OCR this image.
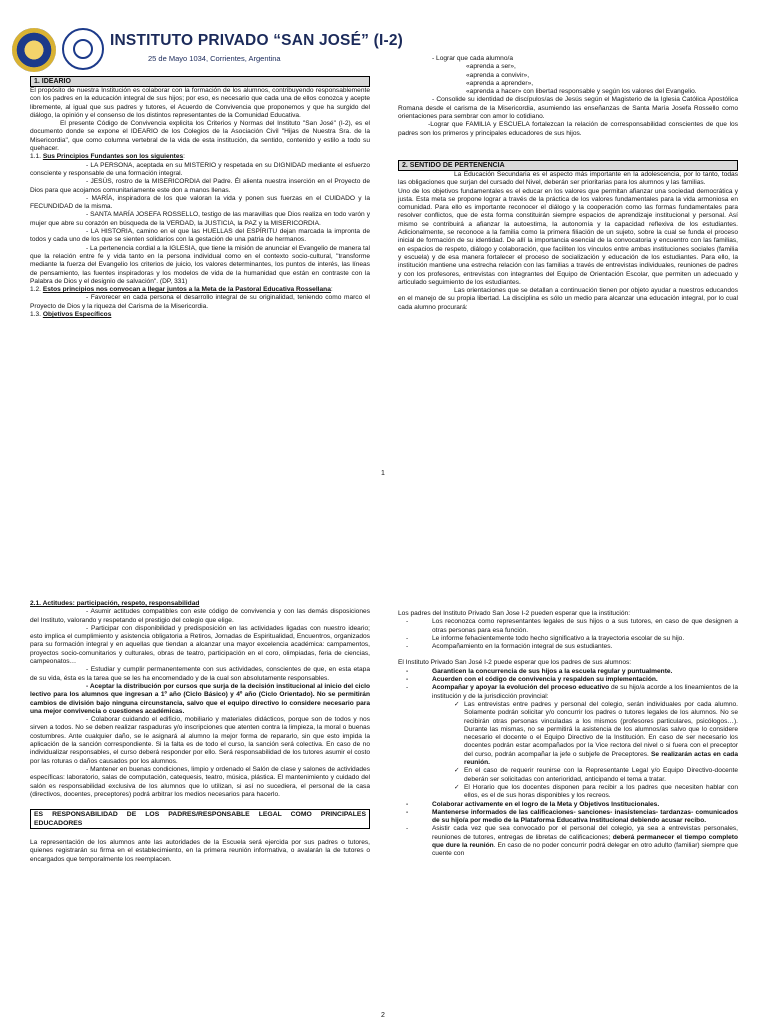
INSTITUTO PRIVADO “SAN JOSÉ” (I-2)
25 de Mayo 1034, Corrientes, Argentina
1. IDEARIO

El propósito de nuestra Institución es colaborar con la formación de los alumnos, contribuyendo responsablemente con los padres en la educación integral de sus hijos; por eso, es necesario que cada una de ellos conozca y acepte libremente, al igual que sus padres y tutores, el Acuerdo de Convivencia que proponemos y que ha surgido del diálogo, la opinión y el consenso de los distintos representantes de la Comunidad Educativa.

El presente Código de Convivencia explicita los Criterios y Normas del Instituto "San José" (I-2), es el documento donde se expone el IDEARIO de los Colegios de la Asociación Civil "Hijas de Nuestra Sra. de la Misericordia", que como columna vertebral de la vida de esta institución, da sentido, contenido y estilo a todo su quehacer.

1.1. Sus Principios Fundantes son los siguientes:

- LA PERSONA, aceptada en su MISTERIO y respetada en su DIGNIDAD mediante el esfuerzo consciente y responsable de una formación integral.

- JESÚS, rostro de la MISERICORDIA del Padre. Él alienta nuestra inserción en el Proyecto de Dios para que acojamos comunitariamente este don a manos llenas.

- MARÍA, inspiradora de los que valoran la vida y ponen sus fuerzas en el CUIDADO y la FECUNDIDAD de la misma.

- SANTA MARÍA JOSEFA ROSSELLO, testigo de las maravillas que Dios realiza en todo varón y mujer que abre su corazón en búsqueda de la VERDAD, la JUSTICIA, la PAZ y la MISERICORDIA.

- LA HISTORIA, camino en el que las HUELLAS del ESPÍRITU dejan marcada la impronta de todos y cada uno de los que se sienten solidarios con la gestación de una patria de hermanos.

- La pertenencia cordial a la IGLESIA, que tiene la misión de anunciar el Evangelio de manera tal que la relación entre fe y vida tanto en la persona individual como en el contexto socio-cultural, "transforme mediante la fuerza del Evangelio los criterios de juicio, los valores determinantes, los puntos de interés, las líneas de pensamiento, las fuentes inspiradoras y los modelos de vida de la humanidad que están en contraste con la Palabra de Dios y el designio de salvación". (DP, 331)

1.2. Estos principios nos convocan a llegar juntos a la Meta de la Pastoral Educativa Rossellana:

- Favorecer en cada persona el desarrollo integral de su originalidad, teniendo como marco el Proyecto de Dios y la riqueza del Carisma de la Misericordia.

1.3. Objetivos Específicos

- Lograr que cada alumno/a

«aprenda a ser»,

«aprenda a convivir»,

«aprenda a aprender»,

«aprenda a hacer» con libertad responsable y según los valores del Evangelio.

- Consolide su identidad de discípulos/as de Jesús según el Magisterio de la Iglesia Católica Apostólica Romana desde el carisma de la Misericordia, asumiendo las enseñanzas de Santa María Josefa Rossello como orientaciones para sembrar con amor lo cotidiano.

-Lograr que FAMILIA y ESCUELA fortalezcan la relación de corresponsabilidad conscientes de que los padres son los primeros y principales educadores de sus hijos.

2. SENTIDO DE PERTENENCIA

La Educación Secundaria es el aspecto más importante en la adolescencia, por lo tanto, todas las obligaciones que surjan del cursado del Nivel, deberán ser prioritarias para los alumnos y las familias.

Uno de los objetivos fundamentales es el educar en los valores que permitan afianzar una sociedad democrática y justa. Esta meta se propone lograr a través de la práctica de los valores fundamentales para la vida armoniosa en comunidad. Para ello es importante reconocer el diálogo y la cooperación como las formas fundamentales para resolver conflictos, que de esta forma constituirán siempre espacios de aprendizaje institucional y personal. Así mismo se contribuirá a afianzar la autoestima, la autonomía y la capacidad reflexiva de los estudiantes. Adicionalmente, se reconoce a la familia como la primera filiación de un sujeto, sobre la cual se funda el proceso inicial de formación de su identidad. De allí la importancia esencial de la convocatoria y encuentro con las familias, en espacios de respeto, diálogo y colaboración, que faciliten los vínculos entre ambas instituciones sociales (familia y escuela) y de esa manera fortalecer el proceso de socialización y educación de los estudiantes. Para ello, la institución mantiene una estrecha relación con las familias a través de entrevistas individuales, reuniones de padres y con los profesores, entrevistas con integrantes del Equipo de Orientación Escolar, que permiten un adecuado y articulado seguimiento de los estudiantes.

Las orientaciones que se detallan a continuación tienen por objeto ayudar a nuestros educandos en el manejo de su propia libertad. La disciplina es sólo un medio para alcanzar una educación integral, por lo cual cada alumno procurará:

1

2.1. Actitudes: participación, respeto, responsabilidad

- Asumir actitudes compatibles con este código de convivencia y con las demás disposiciones del Instituto, valorando y respetando el prestigio del colegio que elige.

- Participar con disponibilidad y predisposición en las actividades ligadas con nuestro ideario; esto implica el cumplimiento y asistencia obligatoria a Retiros, Jornadas de Espiritualidad, Encuentros, organizados para su formación integral y en aquellas que tiendan a alcanzar una mayor excelencia académica: campamentos, proyectos socio-comunitarios y culturales, obras de teatro, participación en el coro, olimpiadas, feria de ciencias, campeonatos…

- Estudiar y cumplir permanentemente con sus actividades, conscientes de que, en esta etapa de su vida, ésta es la tarea que se les ha encomendado y de la cual son absolutamente responsables.

- Aceptar la distribución por cursos que surja de la decisión institucional al inicio del ciclo lectivo para los alumnos que ingresan a 1º año (Ciclo Básico) y 4º año (Ciclo Orientado). No se permitirán cambios de división bajo ninguna circunstancia, salvo que el equipo directivo lo considere necesario para una mejor convivencia o cuestiones académicas.

- Colaborar cuidando el edificio, mobiliario y materiales didácticos, porque son de todos y nos sirven a todos. No se deben realizar raspaduras y/o inscripciones que atenten contra la limpieza, la moral o buenas costumbres. Ante cualquier daño, se le asignará al alumno la mejor forma de repararlo, sin que esto impida la aplicación de la sanción correspondiente. Si la falta es de todo el curso, la sanción será colectiva. En caso de no individualizar responsables, el curso deberá responder por ello. Será responsabilidad de los tutores asumir el costo por las roturas o daños causados por los alumnos.

- Mantener en buenas condiciones, limpio y ordenado el Salón de clase y salones de actividades específicas: laboratorio, salas de computación, catequesis, teatro, música, plástica. El mantenimiento y cuidado del salón es responsabilidad exclusiva de los alumnos que lo utilizan, si así no sucediera, el personal de la casa (directivos, docentes, preceptores) podrá arbitrar los medios necesarios para hacerlo.

ES RESPONSABILIDAD DE LOS PADRES/RESPONSABLE LEGAL COMO PRINCIPALES EDUCADORES

La representación de los alumnos ante las autoridades de la Escuela será ejercida por sus padres o tutores, quienes registrarán su firma en el establecimiento, en la primera reunión informativa, o avalarán la de tutores o encargados que temporalmente los reemplacen.

Los padres del Instituto Privado San Jose I-2 pueden esperar que la institución:

- Los reconozca como representantes legales de sus hijos o a sus tutores, en caso de que designen a otras personas para esa función.
- Le informe fehacientemente todo hecho significativo a la trayectoria escolar de su hijo.
- Acompañamiento en la formación integral de sus estudiantes.

El Instituto Privado San José I-2 puede esperar que los padres de sus alumnos:

- Garanticen la concurrencia de sus hijos a la escuela regular y puntualmente.
- Acuerden con el código de convivencia y respalden su implementación.
- Acompañar y apoyar la evolución del proceso educativo de su hijo/a acorde a los lineamientos de la institución y de la jurisdicción provincial:
✓ Las entrevistas entre padres y personal del colegio, serán individuales por cada alumno. Solamente podrán solicitar y/o concurrir los padres o tutores legales de los alumnos. No se recibirán otras personas vinculadas a los mismos (profesores particulares, psicólogos…). Durante las mismas, no se permitirá la asistencia de los alumnos/as salvo que lo considere necesario el docente o el Equipo Directivo de la Institución. En caso de ser necesario los docentes podrán estar acompañados por la Vice rectora del nivel o si fuera con el preceptor del curso, podrán acompañar la jefe o subjefe de Preceptores. Se realizarán actas en cada reunión.
✓ En el caso de requerir reunirse con la Representante Legal y/o Equipo Directivo-docente deberán ser solicitadas con anterioridad, anticipando el tema a tratar.
✓ El Horario que los docentes disponen para recibir a los padres que necesiten hablar con ellos, es el de sus horas disponibles y los recreos.
- Colaborar activamente en el logro de la Meta y Objetivos Institucionales.
- Mantenerse informados de las calificaciones- sanciones- inasistencias- tardanzas- comunicados de su hijo/a por medio de la Plataforma Educativa Institucional debiendo acusar recibo.
- Asistir cada vez que sea convocado por el personal del colegio, ya sea a entrevistas personales, reuniones de tutores, entregas de libretas de calificaciones; deberá permanecer el tiempo completo que dure la reunión. En caso de no poder concurrir podrá delegar en otro adulto (familiar) siempre que cuente con
2
